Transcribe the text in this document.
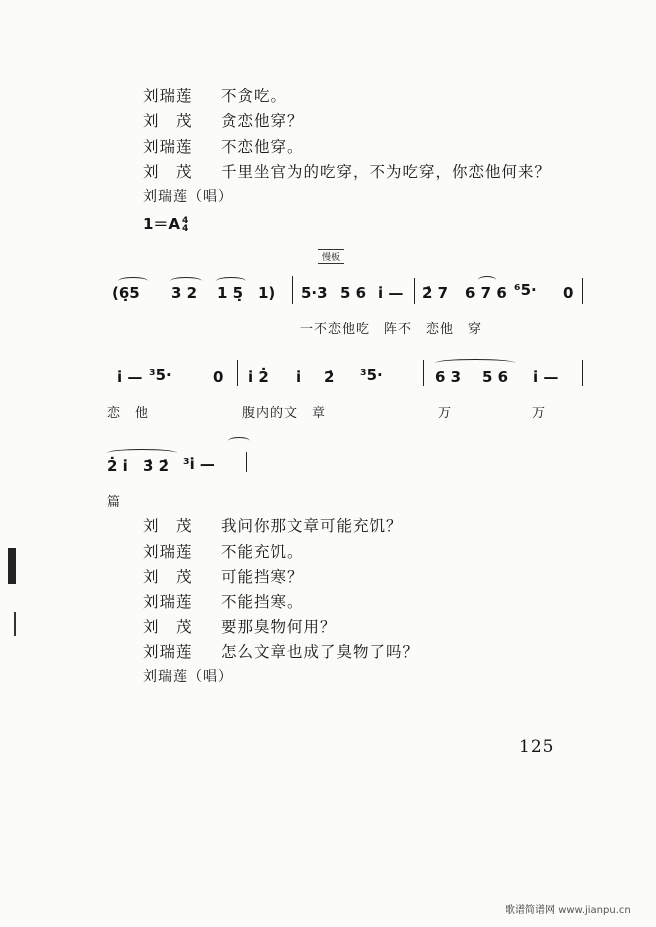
刘瑞莲 不贪吃。
刘　茂 贪恋他穿？
刘瑞莲 不恋他穿。
刘　茂 千里坐官为的吃穿，不为吃穿，你恋他何来？
刘瑞莲（唱）
1＝A 4
4
慢板
(6̣5 3 2 1 5̣ 1) 5·3 5 6 i̇ — 2̇ 7 6 7 6 ⁶5· 0
一不恋他吃　阵不　恋他　穿
i̇ — ³5·	0 i̇ 2̇ i̇ 2̇ ³5·	6 3 5 6 i̇ —
恋　他	腹内的文　章	万	万
2̇ i̇ 3̇ 2̇ ³i̇ —
篇
刘　茂 我问你那文章可能充饥？
刘瑞莲 不能充饥。
刘　茂 可能挡寒？
刘瑞莲 不能挡寒。
刘　茂 要那臭物何用？
刘瑞莲 怎么文章也成了臭物了吗？
刘瑞莲（唱）
125
歌谱简谱网 www.jianpu.cn
